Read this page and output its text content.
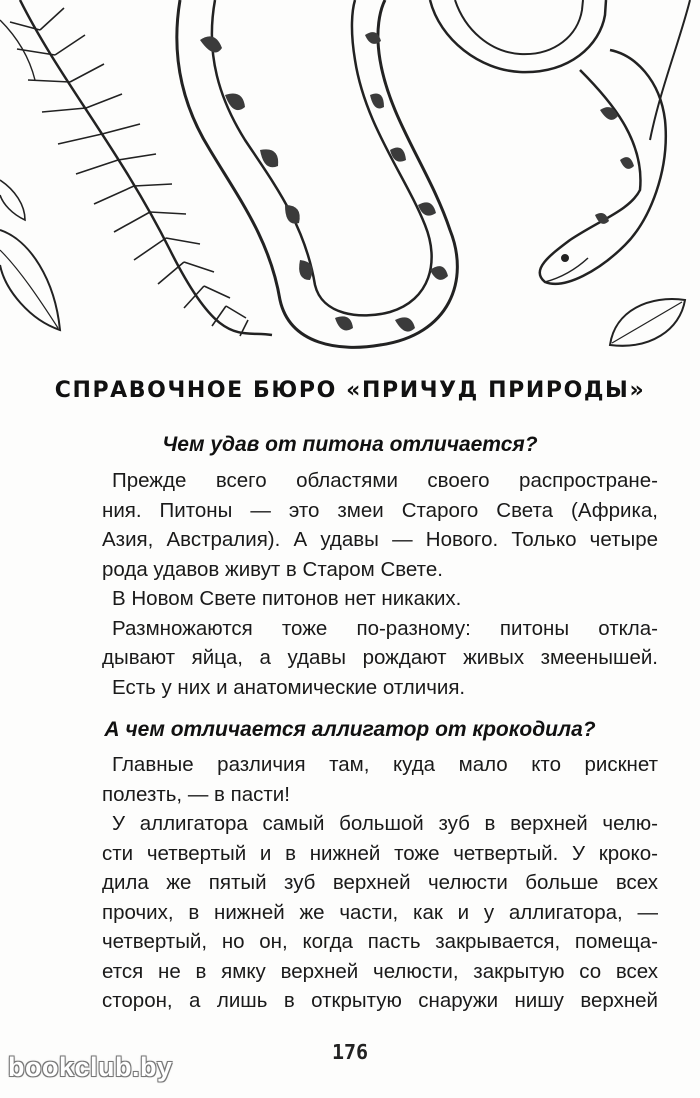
СПРАВОЧНОЕ БЮРО «ПРИЧУД ПРИРОДЫ»
Чем удав от питона отличается?
Прежде всего областями своего распростране-
ния. Питоны — это змеи Старого Света (Африка,
Азия, Австралия). А удавы — Нового. Только четыре
рода удавов живут в Старом Свете.
В Новом Свете питонов нет никаких.
Размножаются тоже по-разному: питоны откла-
дывают яйца, а удавы рождают живых змеенышей.
Есть у них и анатомические отличия.
А чем отличается аллигатор от крокодила?
Главные различия там, куда мало кто рискнет
полезть, — в пасти!
У аллигатора самый большой зуб в верхней челю-
сти четвертый и в нижней тоже четвертый. У кроко-
дила же пятый зуб верхней челюсти больше всех
прочих, в нижней же части, как и у аллигатора, —
четвертый, но он, когда пасть закрывается, помеща-
ется не в ямку верхней челюсти, закрытую со всех
сторон, а лишь в открытую снаружи нишу верхней
176
bookclub.by
